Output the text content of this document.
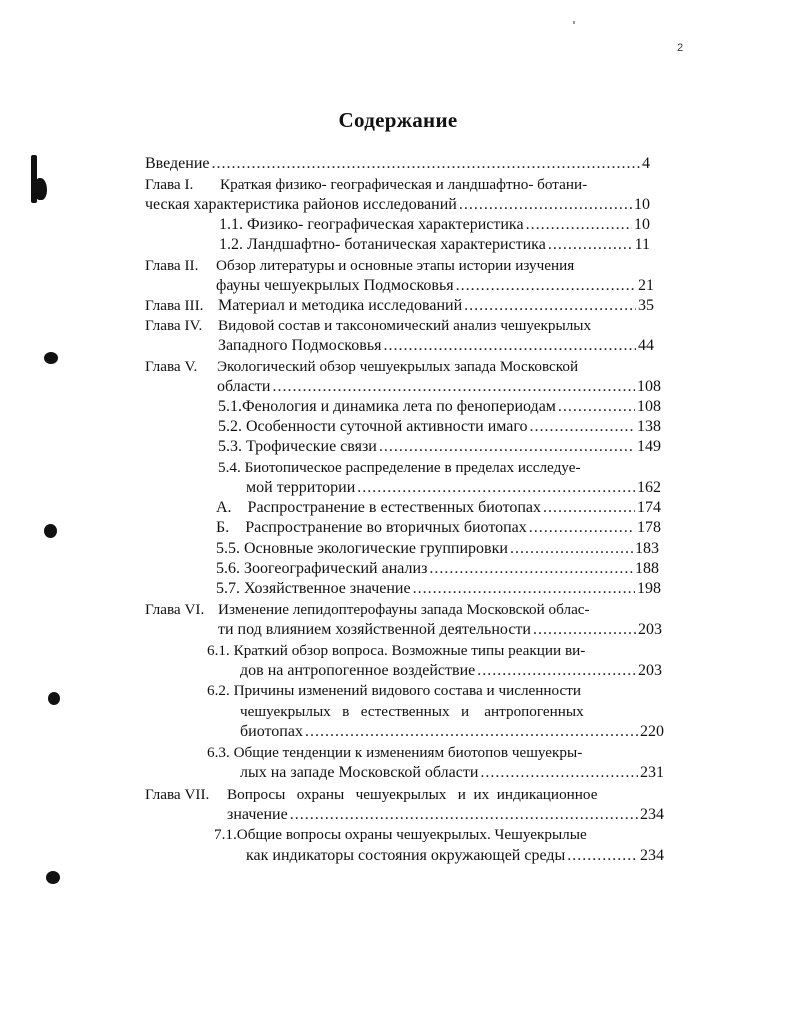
2
Содержание
Введение .....	4
Глава I. Краткая физико- географическая и ландшафтно- ботани-
ческая характеристика районов исследований .....	10
1.1. Физико- географическая характеристика .....	10
1.2. Ландшафтно- ботаническая характеристика .....	11
Глава II. Обзор литературы и основные этапы истории изучения
фауны чешуекрылых Подмосковья .....	21
Глава III. Материал и методика исследований .....	35
Глава IV. Видовой состав и таксономический анализ чешуекрылых
Западного Подмосковья .....	44
Глава V. Экологический обзор чешуекрылых запада Московской
области .....	108
5.1.Фенология и динамика лета по фенопериодам .....	108
5.2. Особенности суточной активности имаго .....	138
5.3. Трофические связи .....	149
5.4. Биотопическое распределение в пределах исследуе-
мой территории .....	162
А.    Распространение в естественных биотопах .....	174
Б.    Распространение во вторичных биотопах .....	178
5.5. Основные экологические группировки .....	183
5.6. Зоогеографический анализ .....	188
5.7. Хозяйственное значение .....	198
Глава VI. Изменение лепидоптерофауны запада Московской облас-
ти под влиянием хозяйственной деятельности .....	203
6.1. Краткий обзор вопроса. Возможные типы реакции ви-
дов на антропогенное воздействие .....	203
6.2. Причины изменений видового состава и численности
чешуекрылых   в   естественных   и    антропогенных
биотопах .....	220
6.3. Общие тенденции к изменениям биотопов чешуекры-
лых на западе Московской области .....	231
Глава VII. Вопросы   охраны   чешуекрылых   и  их  индикационное
значение .....	234
7.1.Общие вопросы охраны чешуекрылых. Чешуекрылые
как индикаторы состояния окружающей среды .....	234
